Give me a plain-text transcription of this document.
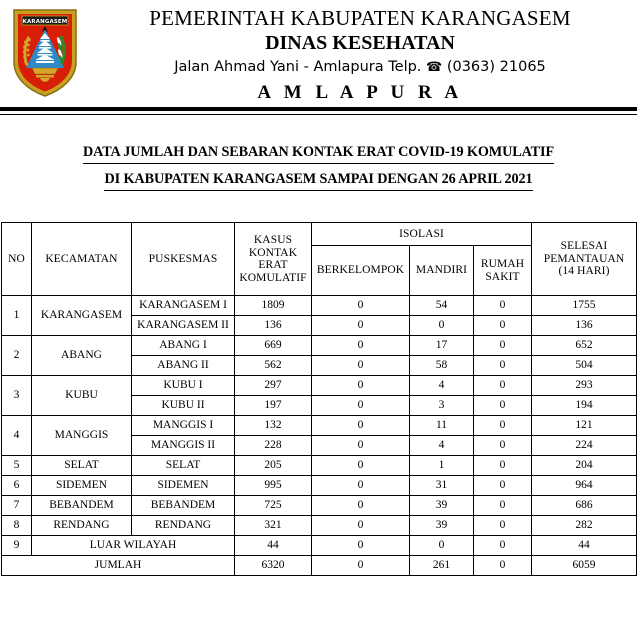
KARANGASEM	PEMERINTAH KABUPATEN KARANGASEM
DINAS KESEHATAN
Jalan Ahmad Yani - Amlapura Telp. ☎ (0363) 21065
A M L A P U R A
DATA JUMLAH DAN SEBARAN KONTAK ERAT COVID-19 KOMULATIF
DI KABUPATEN KARANGASEM SAMPAI DENGAN 26 APRIL 2021
NO	KECAMATAN	PUSKESMAS	KASUS
KONTAK
ERAT
KOMULATIF	ISOLASI			SELESAI
PEMANTAUAN
(14 HARI)
				BERKELOMPOK	MANDIRI	RUMAH
SAKIT	
1	KARANGASEM	KARANGASEM I	1809	0	54	0	1755
		KARANGASEM II	136	0	0	0	136
2	ABANG	ABANG I	669	0	17	0	652
		ABANG II	562	0	58	0	504
3	KUBU	KUBU I	297	0	4	0	293
		KUBU II	197	0	3	0	194
4	MANGGIS	MANGGIS I	132	0	11	0	121
		MANGGIS II	228	0	4	0	224
5	SELAT	SELAT	205	0	1	0	204
6	SIDEMEN	SIDEMEN	995	0	31	0	964
7	BEBANDEM	BEBANDEM	725	0	39	0	686
8	RENDANG	RENDANG	321	0	39	0	282
9	LUAR WILAYAH		44	0	0	0	44
JUMLAH			6320	0	261	0	6059
